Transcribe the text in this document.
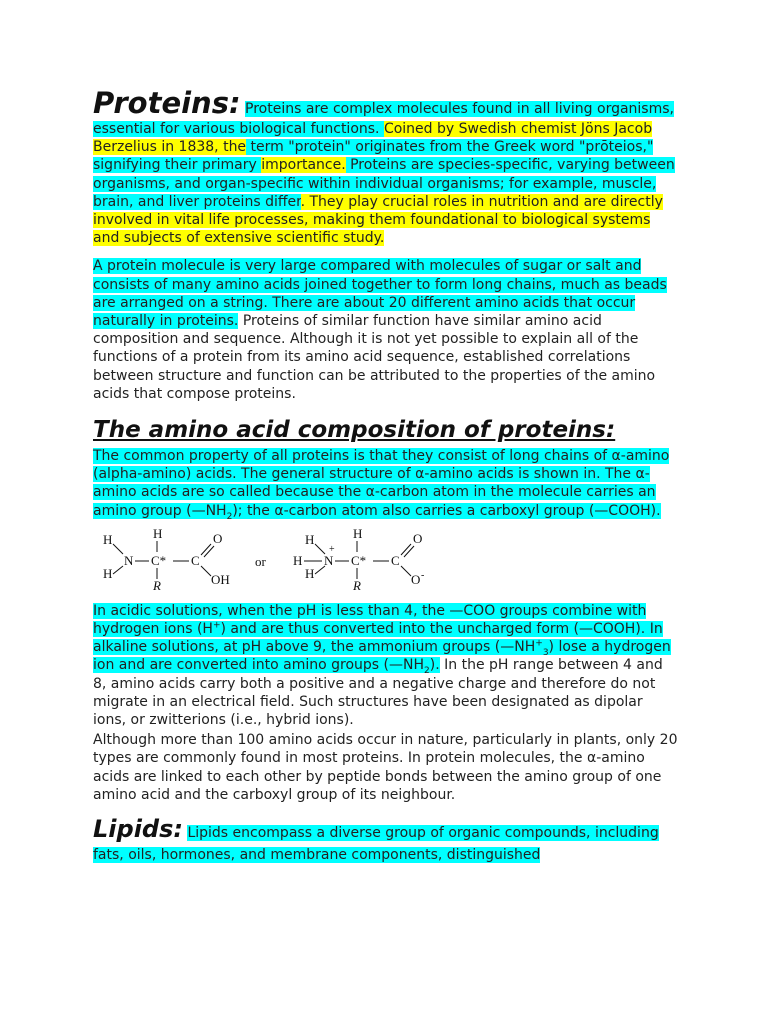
Proteins: Proteins are complex molecules found in all living organisms, essential for various biological functions. Coined by Swedish chemist Jöns Jacob Berzelius in 1838, the term "protein" originates from the Greek word "prōteios," signifying their primary importance. Proteins are species-specific, varying between organisms, and organ-specific within individual organisms; for example, muscle, brain, and liver proteins differ. They play crucial roles in nutrition and are directly involved in vital life processes, making them foundational to biological systems and subjects of extensive scientific study.

A protein molecule is very large compared with molecules of sugar or salt and consists of many amino acids joined together to form long chains, much as beads are arranged on a string. There are about 20 different amino acids that occur naturally in proteins. Proteins of similar function have similar amino acid composition and sequence. Although it is not yet possible to explain all of the functions of a protein from its amino acid sequence, established correlations between structure and function can be attributed to the properties of the amino acids that compose proteins.

The amino acid composition of proteins:

The common property of all proteins is that they consist of long chains of α-amino (alpha-amino) acids. The general structure of α-amino acids is shown in. The α-amino acids are so called because the α-carbon atom in the molecule carries an amino group $(—NH_2)$; the α-carbon atom also carries a carboxyl group (—COOH).

H
H
N C*
H
R
C
O
OH
or
H
H
H
N
+
C*
H
R
C
O
O -

In acidic solutions, when the pH is less than 4, the —COO groups combine with hydrogen ions (H+) and are thus converted into the uncharged form (—COOH). In alkaline solutions, at pH above 9, the ammonium groups $(—NH^+_3)$ lose a hydrogen ion and are converted into amino groups $(—NH_2)$. In the pH range between 4 and 8, amino acids carry both a positive and a negative charge and therefore do not migrate in an electrical field. Such structures have been designated as dipolar ions, or zwitterions (i.e., hybrid ions).

Although more than 100 amino acids occur in nature, particularly in plants, only 20 types are commonly found in most proteins. In protein molecules, the α-amino acids are linked to each other by peptide bonds between the amino group of one amino acid and the carboxyl group of its neighbour.

Lipids: Lipids encompass a diverse group of organic compounds, including fats, oils, hormones, and membrane components, distinguished
